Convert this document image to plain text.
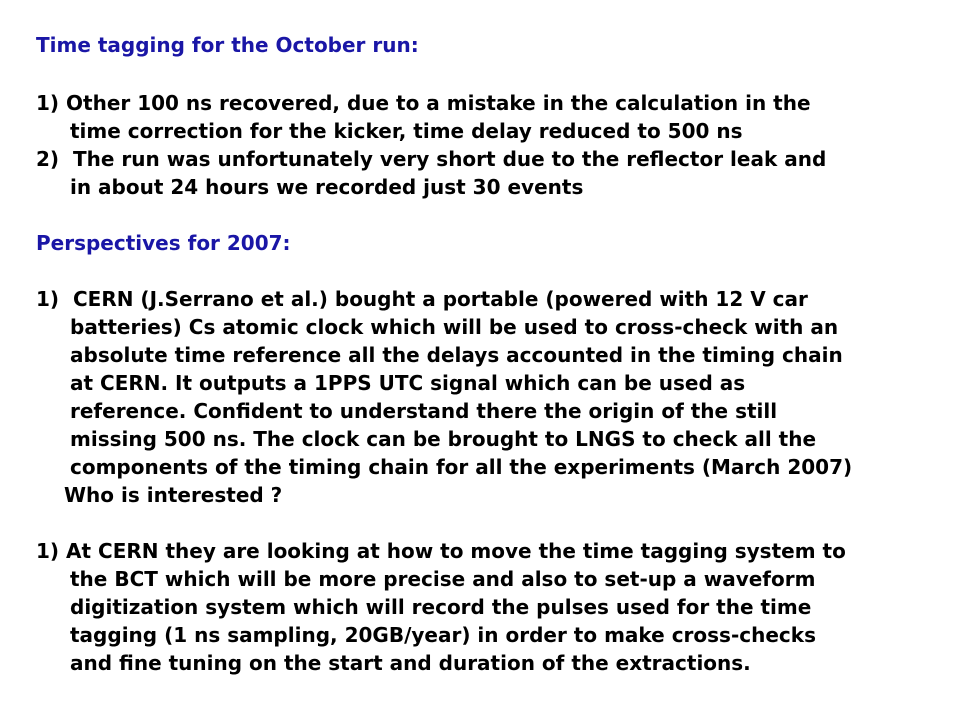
Time tagging for the October run:
1) Other 100 ns recovered, due to a mistake in the calculation in the
time correction for the kicker, time delay reduced to 500 ns
2)  The run was unfortunately very short due to the reflector leak and
in about 24 hours we recorded just 30 events
Perspectives for 2007:
1)  CERN (J.Serrano et al.) bought a portable (powered with 12 V car
batteries) Cs atomic clock which will be used to cross-check with an
absolute time reference all the delays accounted in the timing chain
at CERN. It outputs a 1PPS UTC signal which can be used as
reference. Confident to understand there the origin of the still
missing 500 ns. The clock can be brought to LNGS to check all the
components of the timing chain for all the experiments (March 2007)
Who is interested ?
1) At CERN they are looking at how to move the time tagging system to
the BCT which will be more precise and also to set-up a waveform
digitization system which will record the pulses used for the time
tagging (1 ns sampling, 20GB/year) in order to make cross-checks
and fine tuning on the start and duration of the extractions.
